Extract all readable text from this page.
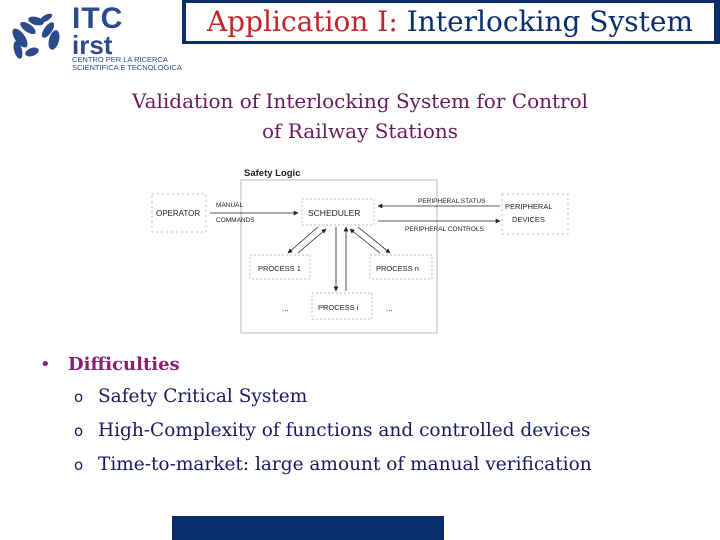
ITC
irst
CENTRO PER LA RICERCA SCIENTIFICA E TECNOLOGICA
Application I: Interlocking System
Validation of Interlocking System for Control
of Railway Stations
Safety Logic
OPERATOR
MANUAL
COMMANDS
SCHEDULER
PERIPHERAL
DEVICES
PERIPHERAL STATUS
PERIPHERAL CONTROLS
PROCESS 1	PROCESS n
PROCESS i
...	...
• Difficulties
o Safety Critical System
o High-Complexity of functions and controlled devices
o Time-to-market: large amount of manual verification
